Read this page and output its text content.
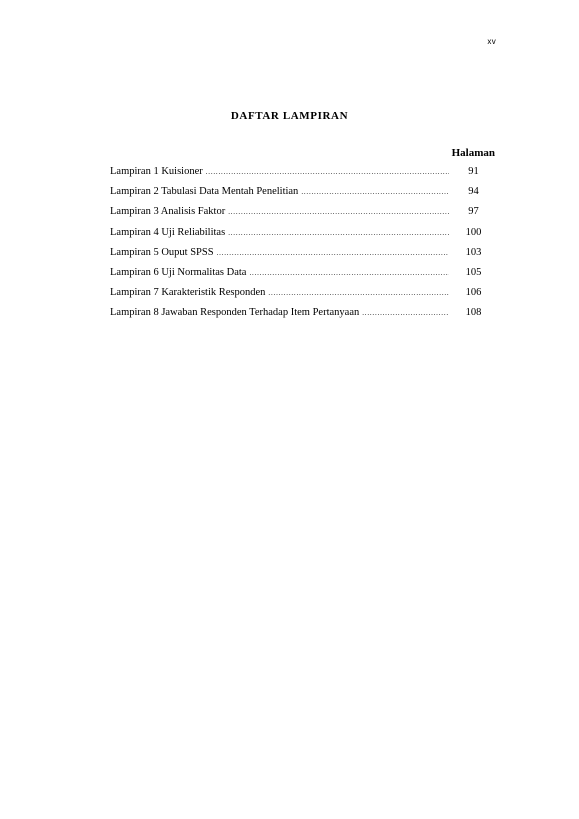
xv
DAFTAR LAMPIRAN
Halaman
Lampiran 1 Kuisioner .....	91
Lampiran 2 Tabulasi Data Mentah Penelitian .....	94
Lampiran 3 Analisis Faktor .....	97
Lampiran 4 Uji Reliabilitas .....	100
Lampiran 5 Ouput SPSS .....	103
Lampiran 6 Uji Normalitas Data .....	105
Lampiran 7 Karakteristik Responden .....	106
Lampiran 8 Jawaban Responden Terhadap Item Pertanyaan .....	108
